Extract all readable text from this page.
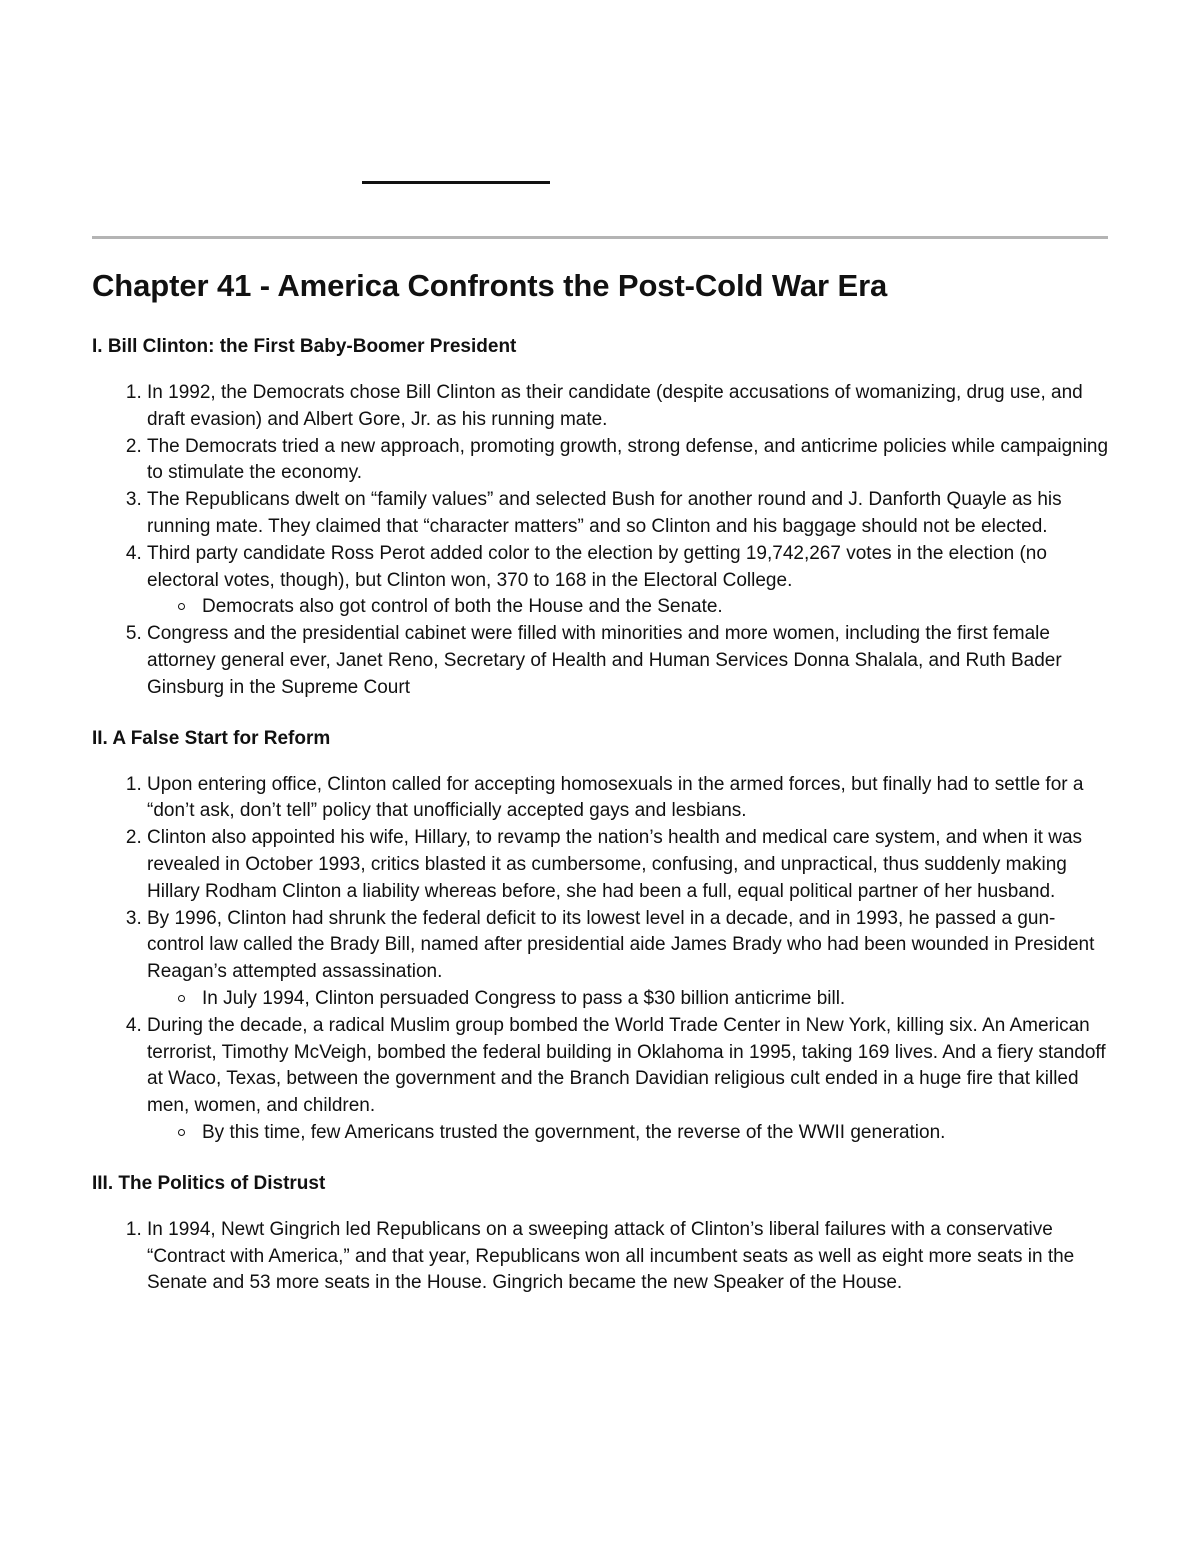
Chapter 41 - America Confronts the Post-Cold War Era
I. Bill Clinton: the First Baby-Boomer President
1. In 1992, the Democrats chose Bill Clinton as their candidate (despite accusations of womanizing, drug use, and draft evasion) and Albert Gore, Jr. as his running mate.
2. The Democrats tried a new approach, promoting growth, strong defense, and anticrime policies while campaigning to stimulate the economy.
3. The Republicans dwelt on “family values” and selected Bush for another round and J. Danforth Quayle as his running mate. They claimed that “character matters” and so Clinton and his baggage should not be elected.
4. Third party candidate Ross Perot added color to the election by getting 19,742,267 votes in the election (no electoral votes, though), but Clinton won, 370 to 168 in the Electoral College.
Democrats also got control of both the House and the Senate.
5. Congress and the presidential cabinet were filled with minorities and more women, including the first female attorney general ever, Janet Reno, Secretary of Health and Human Services Donna Shalala, and Ruth Bader Ginsburg in the Supreme Court
II. A False Start for Reform
1. Upon entering office, Clinton called for accepting homosexuals in the armed forces, but finally had to settle for a “don’t ask, don’t tell” policy that unofficially accepted gays and lesbians.
2. Clinton also appointed his wife, Hillary, to revamp the nation’s health and medical care system, and when it was revealed in October 1993, critics blasted it as cumbersome, confusing, and unpractical, thus suddenly making Hillary Rodham Clinton a liability whereas before, she had been a full, equal political partner of her husband.
3. By 1996, Clinton had shrunk the federal deficit to its lowest level in a decade, and in 1993, he passed a gun-control law called the Brady Bill, named after presidential aide James Brady who had been wounded in President Reagan’s attempted assassination.
In July 1994, Clinton persuaded Congress to pass a $30 billion anticrime bill.
4. During the decade, a radical Muslim group bombed the World Trade Center in New York, killing six. An American terrorist, Timothy McVeigh, bombed the federal building in Oklahoma in 1995, taking 169 lives. And a fiery standoff at Waco, Texas, between the government and the Branch Davidian religious cult ended in a huge fire that killed men, women, and children.
By this time, few Americans trusted the government, the reverse of the WWII generation.
III. The Politics of Distrust
1. In 1994, Newt Gingrich led Republicans on a sweeping attack of Clinton’s liberal failures with a conservative “Contract with America,” and that year, Republicans won all incumbent seats as well as eight more seats in the Senate and 53 more seats in the House. Gingrich became the new Speaker of the House.
